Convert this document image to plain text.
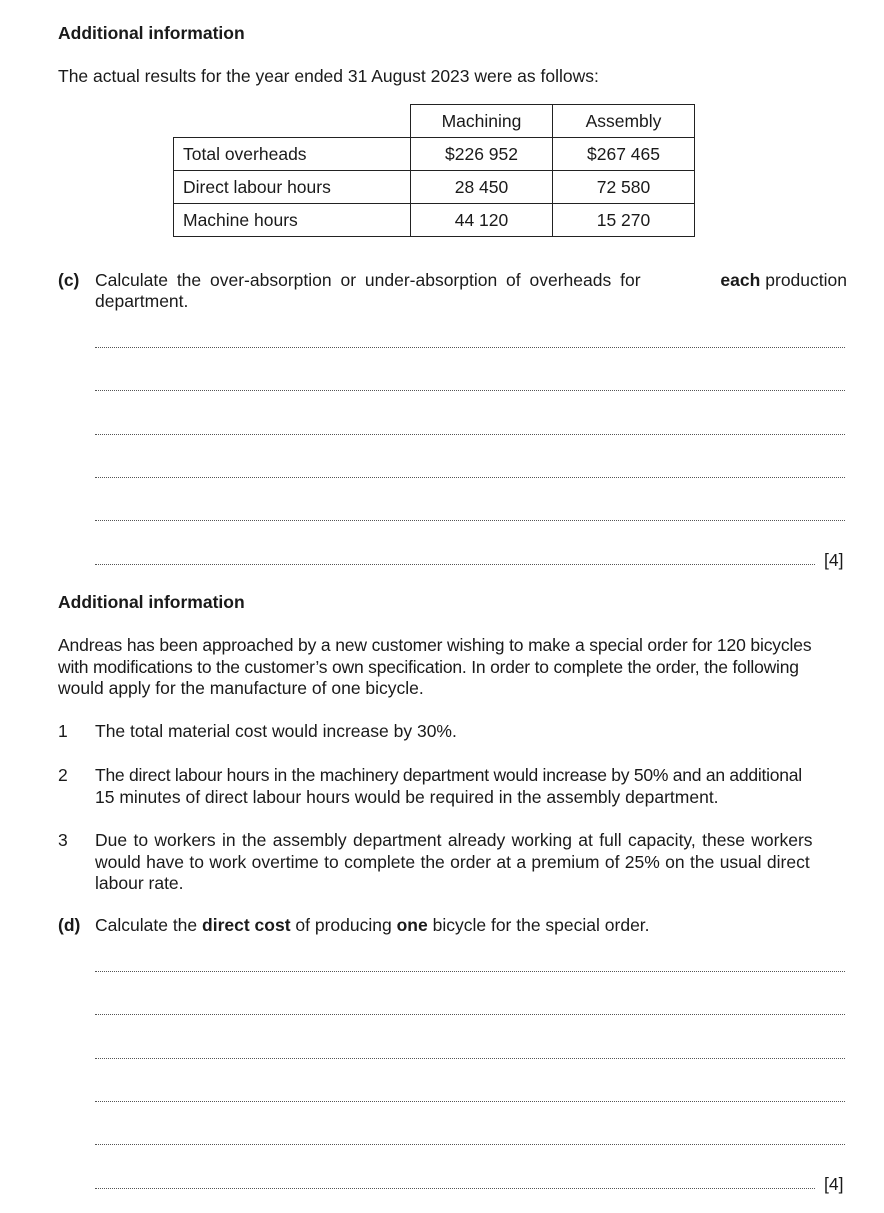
Additional information
The actual results for the year ended 31 August 2023 were as follows:
	Machining	Assembly
Total overheads	$226 952	$267 465
Direct labour hours	28 450	72 580
Machine hours	44 120	15 270
(c) Calculate the over-absorption or under-absorption of overheads for	each production
department.
[4]
Additional information
Andreas has been approached by a new customer wishing to make a special order for 120 bicycles
with modifications to the customer’s own specification. In order to complete the order, the following
would apply for the manufacture of one bicycle.
1 The total material cost would increase by 30%.
2 The direct labour hours in the machinery department would increase by 50% and an additional
15 minutes of direct labour hours would be required in the assembly department.
3 Due to workers in the assembly department already working at full capacity, these workers
would have to work overtime to complete the order at a premium of 25% on the usual direct
labour rate.
(d) Calculate the direct cost of producing one bicycle for the special order.
[4]
